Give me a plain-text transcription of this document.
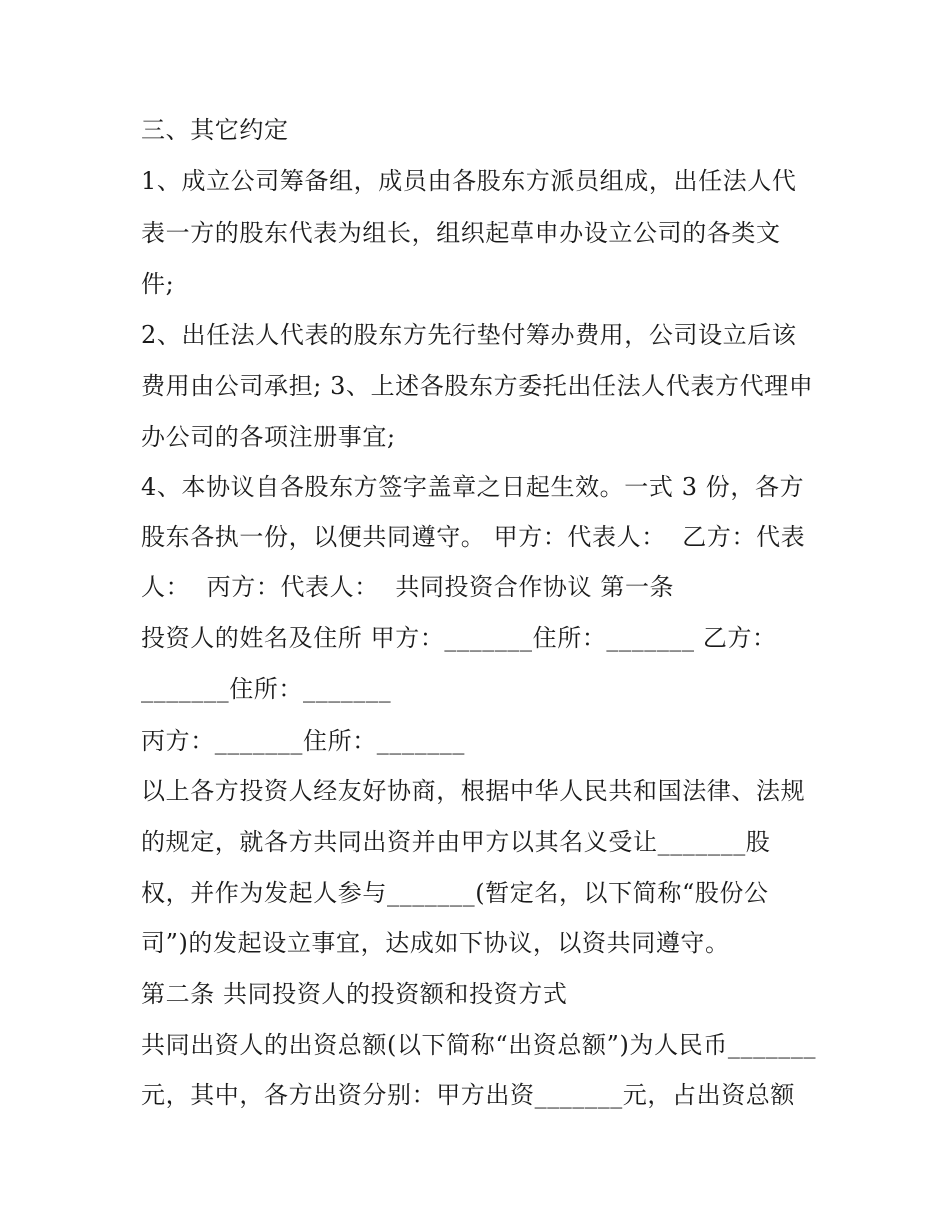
三、其它约定
1、成立公司筹备组，成员由各股东方派员组成，出任法人代
表一方的股东代表为组长，组织起草申办设立公司的各类文
件;
2、出任法人代表的股东方先行垫付筹办费用，公司设立后该
费用由公司承担; 3、上述各股东方委托出任法人代表方代理申
办公司的各项注册事宜;
4、本协议自各股东方签字盖章之日起生效。一式 3 份，各方
股东各执一份，以便共同遵守。 甲方：代表人：  乙方：代表
人：  丙方：代表人：  共同投资合作协议 第一条
投资人的姓名及住所 甲方：_______住所：_______ 乙方：
_______住所：_______
丙方：_______住所：_______
以上各方投资人经友好协商，根据中华人民共和国法律、法规
的规定，就各方共同出资并由甲方以其名义受让_______股
权，并作为发起人参与_______(暂定名，以下简称“股份公
司”)的发起设立事宜，达成如下协议，以资共同遵守。
第二条 共同投资人的投资额和投资方式
共同出资人的出资总额(以下简称“出资总额”)为人民币_______
元，其中，各方出资分别：甲方出资_______元，占出资总额
